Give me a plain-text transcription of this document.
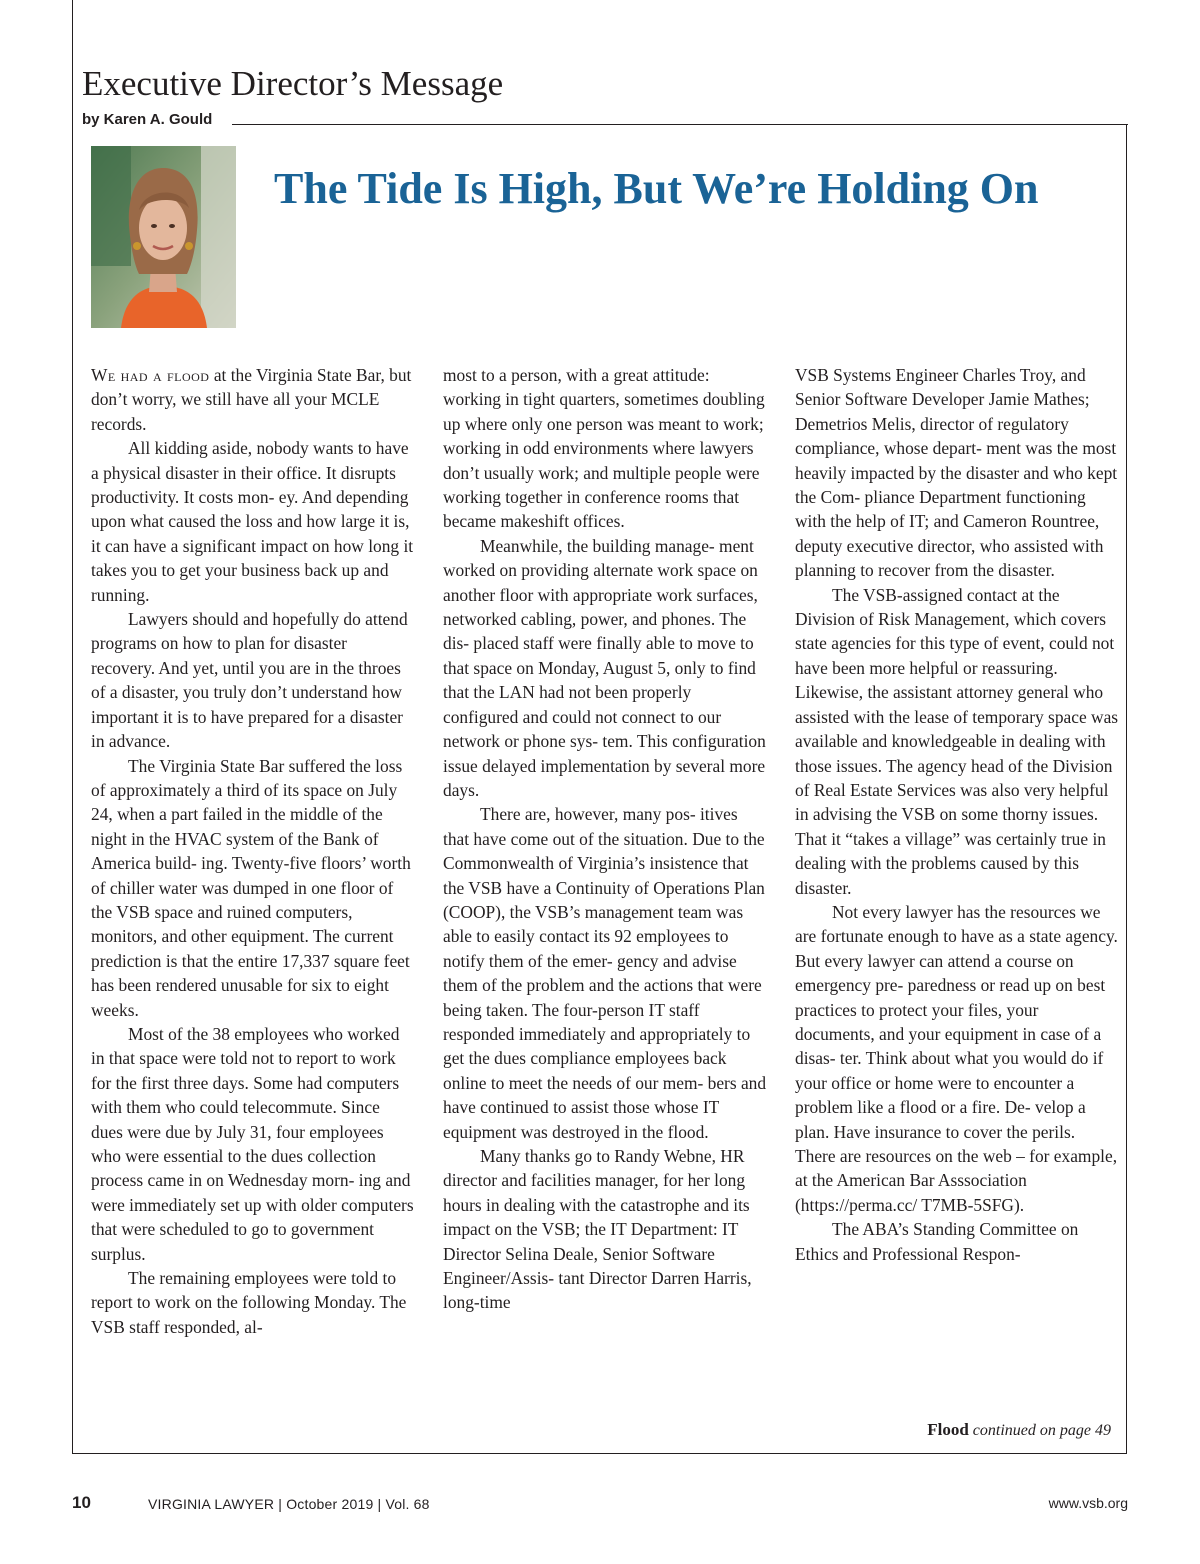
Executive Director’s Message
by Karen A. Gould
The Tide Is High, But We’re Holding On

We had a flood at the Virginia State Bar, but don’t worry, we still have all your MCLE records.

All kidding aside, nobody wants to have a physical disaster in their office. It disrupts productivity. It costs mon- ey. And depending upon what caused the loss and how large it is, it can have a significant impact on how long it takes you to get your business back up and running.

Lawyers should and hopefully do attend programs on how to plan for disaster recovery. And yet, until you are in the throes of a disaster, you truly don’t understand how important it is to have prepared for a disaster in advance.

The Virginia State Bar suffered the loss of approximately a third of its space on July 24, when a part failed in the middle of the night in the HVAC system of the Bank of America build- ing. Twenty-five floors’ worth of chiller water was dumped in one floor of the VSB space and ruined computers, monitors, and other equipment. The current prediction is that the entire 17,337 square feet has been rendered unusable for six to eight weeks.

Most of the 38 employees who worked in that space were told not to report to work for the first three days. Some had computers with them who could telecommute. Since dues were due by July 31, four employees who were essential to the dues collection process came in on Wednesday morn- ing and were immediately set up with older computers that were scheduled to go to government surplus.

The remaining employees were told to report to work on the following Monday. The VSB staff responded, al-

most to a person, with a great attitude: working in tight quarters, sometimes doubling up where only one person was meant to work; working in odd environments where lawyers don’t usually work; and multiple people were working together in conference rooms that became makeshift offices.

Meanwhile, the building manage- ment worked on providing alternate work space on another floor with appropriate work surfaces, networked cabling, power, and phones. The dis- placed staff were finally able to move to that space on Monday, August 5, only to find that the LAN had not been properly configured and could not connect to our network or phone sys- tem. This configuration issue delayed implementation by several more days.

There are, however, many pos- itives that have come out of the situation. Due to the Commonwealth of Virginia’s insistence that the VSB have a Continuity of Operations Plan (COOP), the VSB’s management team was able to easily contact its 92 employees to notify them of the emer- gency and advise them of the problem and the actions that were being taken. The four-person IT staff responded immediately and appropriately to get the dues compliance employees back online to meet the needs of our mem- bers and have continued to assist those whose IT equipment was destroyed in the flood.

Many thanks go to Randy Webne, HR director and facilities manager, for her long hours in dealing with the catastrophe and its impact on the VSB; the IT Department: IT Director Selina Deale, Senior Software Engineer/Assis- tant Director Darren Harris, long-time

VSB Systems Engineer Charles Troy, and Senior Software Developer Jamie Mathes; Demetrios Melis, director of regulatory compliance, whose depart- ment was the most heavily impacted by the disaster and who kept the Com- pliance Department functioning with the help of IT; and Cameron Rountree, deputy executive director, who assisted with planning to recover from the disaster.

The VSB-assigned contact at the Division of Risk Management, which covers state agencies for this type of event, could not have been more helpful or reassuring. Likewise, the assistant attorney general who assisted with the lease of temporary space was available and knowledgeable in dealing with those issues. The agency head of the Division of Real Estate Services was also very helpful in advising the VSB on some thorny issues. That it “takes a village” was certainly true in dealing with the problems caused by this disaster.

Not every lawyer has the resources we are fortunate enough to have as a state agency. But every lawyer can attend a course on emergency pre- paredness or read up on best practices to protect your files, your documents, and your equipment in case of a disas- ter. Think about what you would do if your office or home were to encounter a problem like a flood or a fire. De- velop a plan. Have insurance to cover the perils. There are resources on the web – for example, at the American Bar Asssociation (https://perma.cc/ T7MB-5SFG).

The ABA’s Standing Committee on Ethics and Professional Respon-

Flood continued on page 49
10	VIRGINIA LAWYER | October 2019 | Vol. 68	www.vsb.org
